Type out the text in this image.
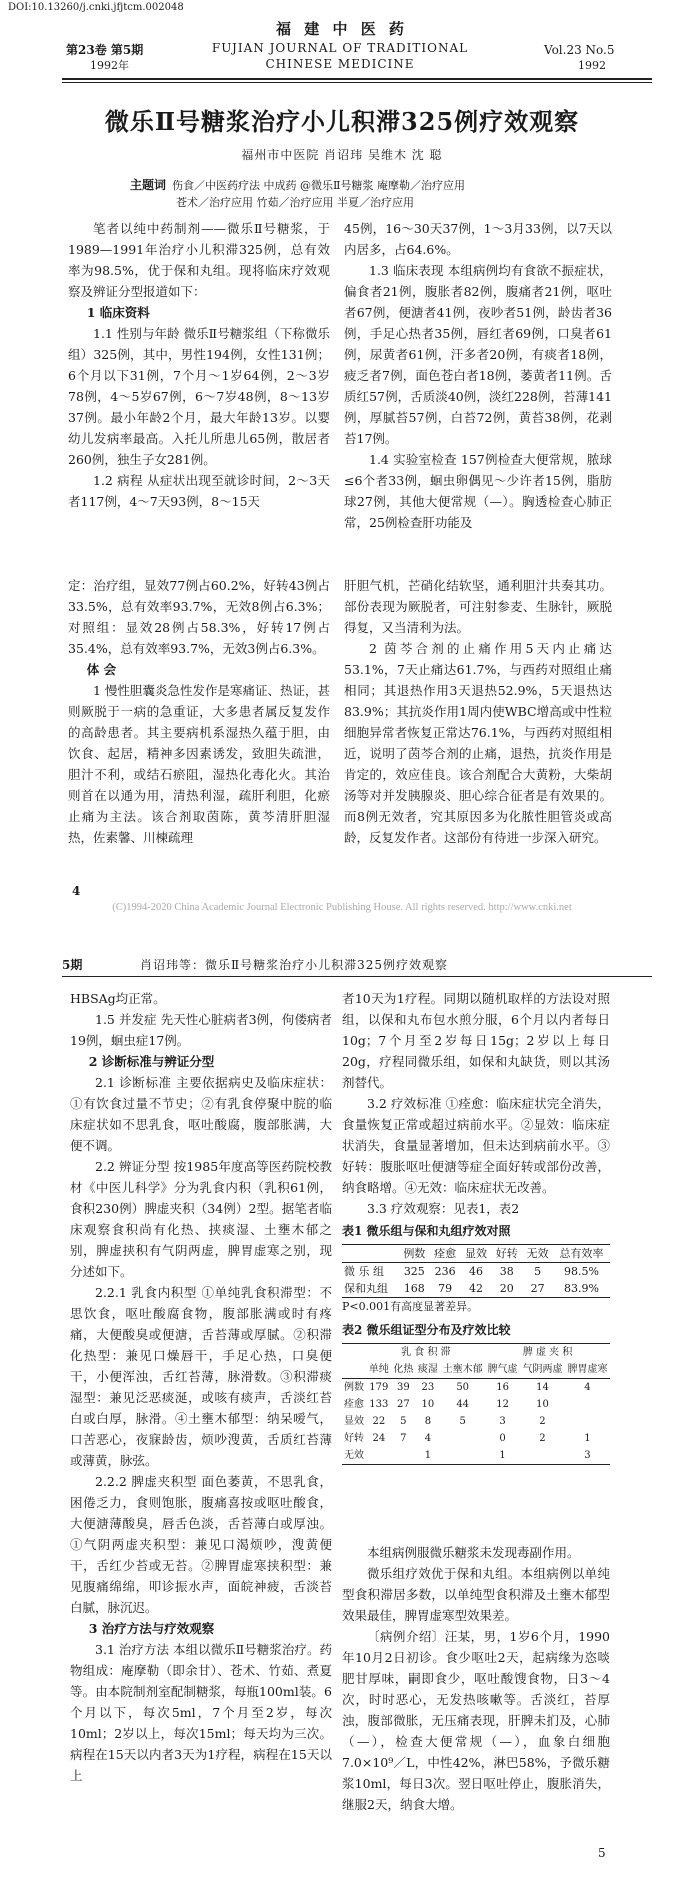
DOI:10.13260/j.cnki.jfjtcm.002048
福 建 中 医 药
第23卷 第5期
1992年
FUJIAN JOURNAL OF TRADITIONAL
CHINESE MEDICINE
Vol.23 No.5
1992
微乐Ⅱ号糖浆治疗小儿积滞325例疗效观察
福州市中医院 肖诏玮 吴维木 沈 聪
主题词 伤食／中医药疗法 中成药 @微乐Ⅱ号糖浆 庵摩勒／治疗应用
苍术／治疗应用 竹茹／治疗应用 半夏／治疗应用

笔者以纯中药制剂——微乐Ⅱ号糖浆，于1989—1991年治疗小儿积滞325例，总有效率为98.5%，优于保和丸组。现将临床疗效观察及辨证分型报道如下：

1 临床资料

1.1 性别与年龄 微乐Ⅱ号糖浆组（下称微乐组）325例，其中，男性194例，女性131例；6个月以下31例，7个月～1岁64例，2～3岁78例，4～5岁67例，6～7岁48例，8～13岁37例。最小年龄2个月，最大年龄13岁。以婴幼儿发病率最高。入托儿所患儿65例，散居者260例，独生子女281例。

1.2 病程 从症状出现至就诊时间，2～3天者117例，4～7天93例，8～15天

45例，16～30天37例，1～3月33例，以7天以内居多，占64.6%。

1.3 临床表现 本组病例均有食欲不振症状，偏食者21例，腹胀者82例，腹痛者21例，呕吐者67例，便溏者41例，夜吵者51例，龄齿者36例，手足心热者35例，唇红者69例，口臭者61例，尿黄者61例，汗多者20例，有痰者18例，疲乏者7例，面色苍白者18例，萎黄者11例。舌质红57例，舌质淡40例，淡红228例，苔薄141例，厚腻苔57例，白苔72例，黄苔38例，花剥苔17例。

1.4 实验室检查 157例检查大便常规，脓球≤6个者33例，蛔虫卵偶见～少许者15例，脂肪球27例，其他大便常规（—）。胸透检查心肺正常，25例检查肝功能及

定：治疗组，显效77例占60.2%，好转43例占33.5%，总有效率93.7%，无效8例占6.3%；对照组：显效28例占58.3%，好转17例占35.4%，总有效率93.7%，无效3例占6.3%。

体 会

1 慢性胆囊炎急性发作是寒痛证、热证，甚则厥脱于一病的急重证，大多患者属反复发作的高龄患者。其主要病机系湿热久蕴于胆，由饮食、起居，精神多因素诱发，致胆失疏泄，胆汁不利，或结石瘀阻，湿热化毒化火。其治则首在以通为用，清热利湿，疏肝利胆，化瘀止痛为主法。该合剂取茵陈，黄芩清肝胆湿热，佐素馨、川楝疏理

肝胆气机，芒硝化结软坚，通利胆汁共奏其功。部份表现为厥脱者，可注射参麦、生脉针，厥脱得复，又当清利为法。

2 茵芩合剂的止痛作用5天内止痛达53.1%，7天止痛达61.7%，与西药对照组止痛相同；其退热作用3天退热52.9%，5天退热达83.9%；其抗炎作用1周内使WBC增高或中性粒细胞异常者恢复正常达76.1%，与西药对照组相近，说明了茵芩合剂的止痛，退热，抗炎作用是肯定的，效应佳良。该合剂配合大黄粉，大柴胡汤等对并发胰腺炎、胆心综合征者是有效果的。而8例无效者，究其原因多为化脓性胆管炎或高龄，反复发作者。这部份有待进一步深入研究。

4
(C)1994-2020 China Academic Journal Electronic Publishing House. All rights reserved. http://www.cnki.net
5期	肖诏玮等：微乐Ⅱ号糖浆治疗小儿积滞325例疗效观察

HBSAg均正常。

1.5 并发症 先天性心脏病者3例，佝偻病者19例，蛔虫症17例。

2 诊断标准与辨证分型

2.1 诊断标准 主要依据病史及临床症状：①有饮食过量不节史；②有乳食停聚中脘的临床症状如不思乳食，呕吐酸腐，腹部胀满，大便不调。

2.2 辨证分型 按1985年度高等医药院校教材《中医儿科学》分为乳食内积（乳积61例，食积230例）脾虚夹积（34例）2型。据笔者临床观察食积尚有化热、挟痰湿、土壅木郁之别，脾虚挟积有气阴两虚，脾胃虚寒之别，现分述如下。

2.2.1 乳食内积型 ①单纯乳食积滞型：不思饮食，呕吐酸腐食物，腹部胀满或时有疼痛，大便酸臭或便溏，舌苔薄或厚腻。②积滞化热型：兼见口燥唇干，手足心热，口臭便干，小便浑浊，舌红苔薄，脉滑数。③积滞痰湿型：兼见泛恶痰涎，或咳有痰声，舌淡红苔白或白厚，脉滑。④土壅木郁型：纳呆嗳气，口苦恶心，夜寐龄齿，烦吵溲黄，舌质红苔薄或薄黄，脉弦。

2.2.2 脾虚夹积型 面色萎黄，不思乳食，困倦乏力，食则饱胀，腹痛喜按或呕吐酸食，大便溏薄酸臭，唇舌色淡，舌苔薄白或厚浊。①气阴两虚夹积型：兼见口渴烦吵，溲黄便干，舌红少苔或无苔。②脾胃虚寒挟积型：兼见腹痛绵绵，叩诊振水声，面皖神疲，舌淡苔白腻，脉沉迟。

3 治疗方法与疗效观察

3.1 治疗方法 本组以微乐Ⅱ号糖浆治疗。药物组成：庵摩勒（即余甘）、苍术、竹茹、煮夏等。由本院制剂室配制糖浆，每瓶100ml装。6个月以下，每次5ml，7个月至2岁，每次10ml；2岁以上，每次15ml；每天均为三次。病程在15天以内者3天为1疗程，病程在15天以上

者10天为1疗程。同期以随机取样的方法设对照组，以保和丸布包水煎分服，6个月以内者每日10g；7个月至2岁每日15g；2岁以上每日20g，疗程同微乐组，如保和丸缺货，则以其汤剂替代。

3.2 疗效标准 ①痊愈：临床症状完全消失，食量恢复正常或超过病前水平。②显效：临床症状消失，食量显著增加，但未达到病前水平。③好转：腹胀呕吐便溏等症全面好转或部份改善，纳食略增。④无效：临床症状无改善。

3.3 疗效观察：见表1，表2

表1 微乐组与保和丸组疗效对照
	例数	痊愈	显效	好转	无效	总有效率
微 乐 组	325	236	46	38	5	98.5%
保和丸组	168	79	42	20	27	83.9%
P<0.001有高度显著差异。
表2 微乐组证型分布及疗效比较
	乳 食 积 滞				脾 虚 夹 积		
	单纯	化热	痰湿	土壅木郁	脾气虚	气阴两虚	脾胃虚寒
例数	179	39	23	50	16	14	4
痊愈	133	27	10	44	12	10	
显效	22	5	8	5	3	2	
好转	24	7	4		0	2	1
无效			1		1		3

本组病例服微乐糖浆未发现毒副作用。

微乐组疗效优于保和丸组。本组病例以单纯型食积滞居多数，以单纯型食积滞及土壅木郁型效果最佳，脾胃虚寒型效果差。

〔病例介绍〕汪某，男，1岁6个月，1990年10月2日初诊。食少呕吐2天，起病缘为恣啖肥甘厚味，嗣即食少，呕吐酸馊食物，日3～4次，时时恶心，无发热咳嗽等。舌淡红，苔厚浊，腹部微胀，无压痛表现，肝脾未扪及，心肺（—），检查大便常规（—），血象白细胞7.0×10⁹／L，中性42%，淋巴58%，予微乐糖浆10ml，每日3次。翌日呕吐停止，腹胀消失，继服2天，纳食大增。

5
